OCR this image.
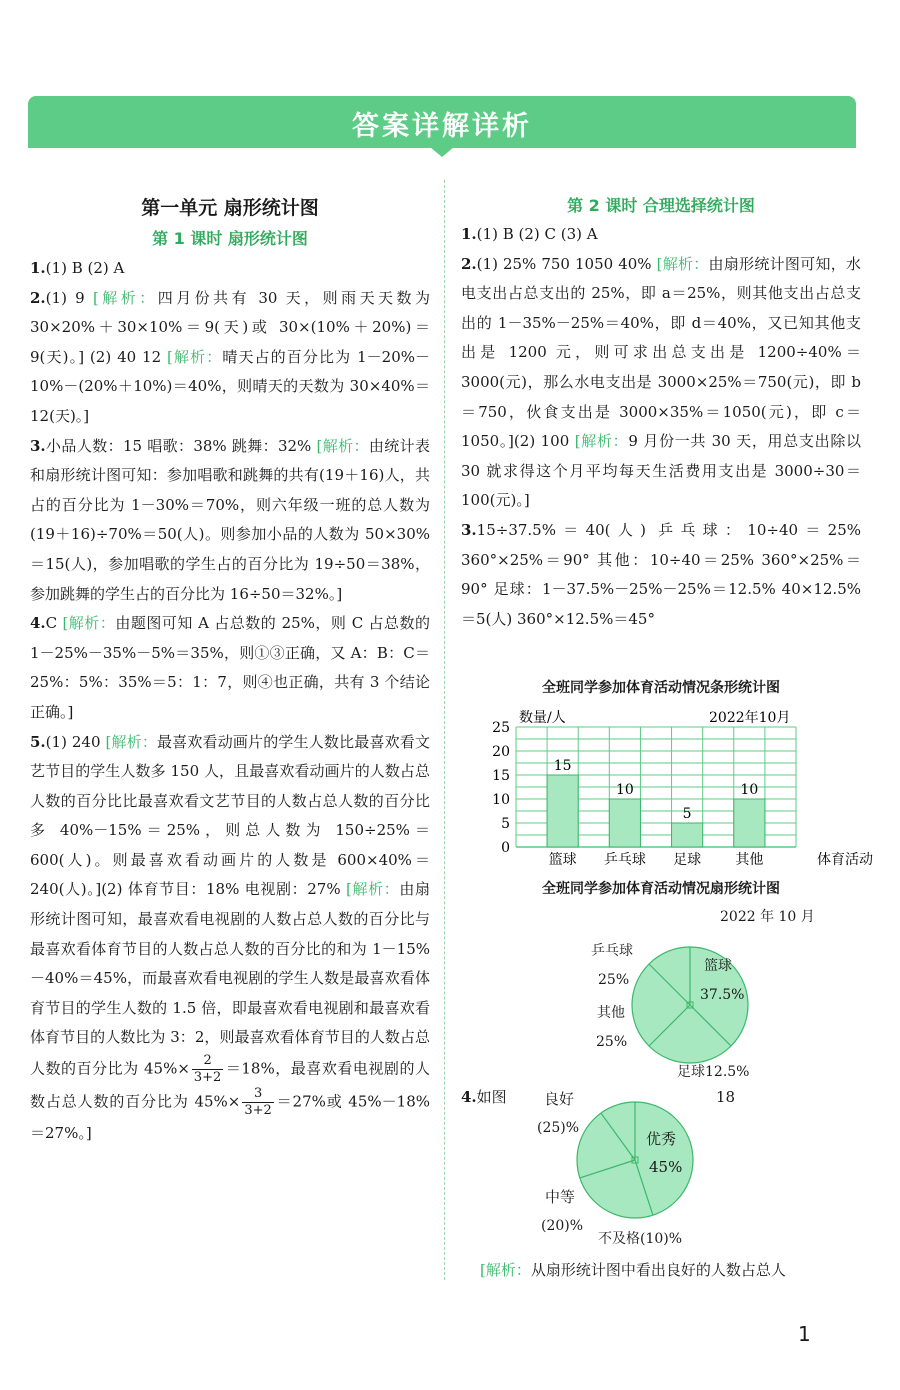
答案详解详析
第一单元 扇形统计图
第 1 课时 扇形统计图

1.(1) B (2) A

2.(1) 9 [解析：四月份共有 30 天，则雨天天数为 30×20%＋30×10%＝9(天)或 30×(10%＋20%)＝9(天)。] (2) 40 12 [解析：晴天占的百分比为 1－20%－10%－(20%＋10%)＝40%，则晴天的天数为 30×40%＝12(天)。]

3.小品人数：15 唱歌：38% 跳舞：32% [解析：由统计表和扇形统计图可知：参加唱歌和跳舞的共有(19＋16)人，共占的百分比为 1－30%＝70%，则六年级一班的总人数为(19＋16)÷70%＝50(人)。则参加小品的人数为 50×30%＝15(人)，参加唱歌的学生占的百分比为 19÷50＝38%，参加跳舞的学生占的百分比为 16÷50＝32%。]

4.C [解析：由题图可知 A 占总数的 25%，则 C 占总数的 1－25%－35%－5%＝35%，则①③正确，又 A：B：C＝25%：5%：35%＝5：1：7，则④也正确，共有 3 个结论正确。]

5.(1) 240 [解析：最喜欢看动画片的学生人数比最喜欢看文艺节目的学生人数多 150 人，且最喜欢看动画片的人数占总人数的百分比比最喜欢看文艺节目的人数占总人数的百分比多 40%－15%＝25%，则总人数为 150÷25%＝600(人)。则最喜欢看动画片的人数是 600×40%＝240(人)。](2) 体育节目：18% 电视剧：27% [解析：由扇形统计图可知，最喜欢看电视剧的人数占总人数的百分比与最喜欢看体育节目的人数占总人数的百分比的和为 1－15%－40%＝45%，而最喜欢看电视剧的学生人数是最喜欢看体育节目的学生人数的 1.5 倍，即最喜欢看电视剧和最喜欢看体育节目的人数比为 3：2，则最喜欢看体育节目的人数占总人数的百分比为 $45\%\times \frac{2}{3+2} =18\%$，最喜欢看电视剧的人数占总人数的百分比为 $45\%\times \frac{3}{3+2} =27\%$或 45%－18%＝27%。]

第 2 课时 合理选择统计图

1.(1) B (2) C (3) A

2.(1) 25% 750 1050 40% [解析：由扇形统计图可知，水电支出占总支出的 25%，即 a＝25%，则其他支出占总支出的 1－35%－25%＝40%，即 d＝40%，又已知其他支出是 1200 元，则可求出总支出是 1200÷40%＝3000(元)，那么水电支出是 3000×25%＝750(元)，即 b＝750，伙食支出是 3000×35%＝1050(元)，即 c＝1050。](2) 100 [解析：9 月份一共 30 天，用总支出除以 30 就求得这个月平均每天生活费用支出是 3000÷30＝100(元)。]

3.15÷37.5%＝40(人) 乒乓球：10÷40＝25% 360°×25%＝90° 其他：10÷40＝25% 360°×25%＝90° 足球：1－37.5%－25%－25%＝12.5% 40×12.5%＝5(人) 360°×12.5%＝45°

全班同学参加体育活动情况条形统计图
数量/人	2022年10月
体育活动
0
5
10
15
20
25
15
篮球
10
乒乓球
5
足球
10
其他
全班同学参加体育活动情况扇形统计图
2022 年 10 月
乒乓球
25%
篮球
37.5%
其他
25%
足球12.5%
4.如图 良好	18
(25)%
优秀
45%
中等
(20)%
不及格(10)%
[解析：从扇形统计图中看出良好的人数占总人
1
